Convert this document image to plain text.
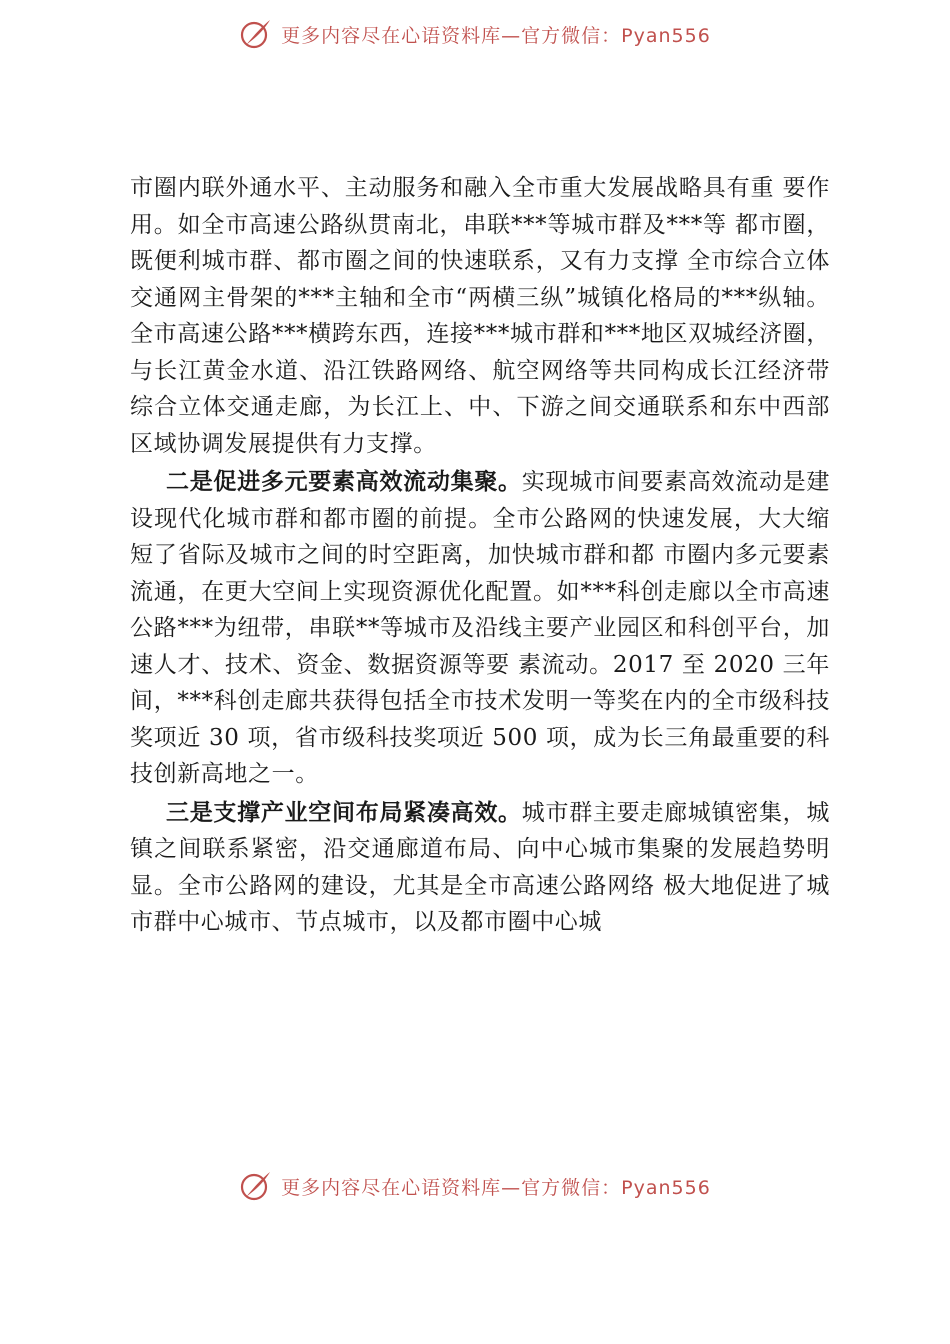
更多内容尽在心语资料库—官方微信：Pyan556

市圈内联外通水平、主动服务和融入全市重大发展战略具有重 要作用。如全市高速公路纵贯南北，串联***等城市群及***等 都市圈，既便利城市群、都市圈之间的快速联系，又有力支撑 全市综合立体交通网主骨架的***主轴和全市“两横三纵”城镇化格局的***纵轴。全市高速公路***横跨东西，连接***城市群和***地区双城经济圈，与长江黄金水道、沿江铁路网络、航空网络等共同构成长江经济带综合立体交通走廊，为长江上、中、下游之间交通联系和东中西部区域协调发展提供有力支撑。

二是促进多元要素高效流动集聚。实现城市间要素高效流动是建设现代化城市群和都市圈的前提。全市公路网的快速发展，大大缩短了省际及城市之间的时空距离，加快城市群和都 市圈内多元要素流通，在更大空间上实现资源优化配置。如***科创走廊以全市高速公路***为纽带，串联**等城市及沿线主要产业园区和科创平台，加速人才、技术、资金、数据资源等要 素流动。2017 至 2020 三年间，***科创走廊共获得包括全市技术发明一等奖在内的全市级科技奖项近 30 项，省市级科技奖项近 500 项，成为长三角最重要的科技创新高地之一。

三是支撑产业空间布局紧凑高效。城市群主要走廊城镇密集，城镇之间联系紧密，沿交通廊道布局、向中心城市集聚的发展趋势明显。全市公路网的建设，尤其是全市高速公路网络 极大地促进了城市群中心城市、节点城市，以及都市圈中心城

更多内容尽在心语资料库—官方微信：Pyan556
